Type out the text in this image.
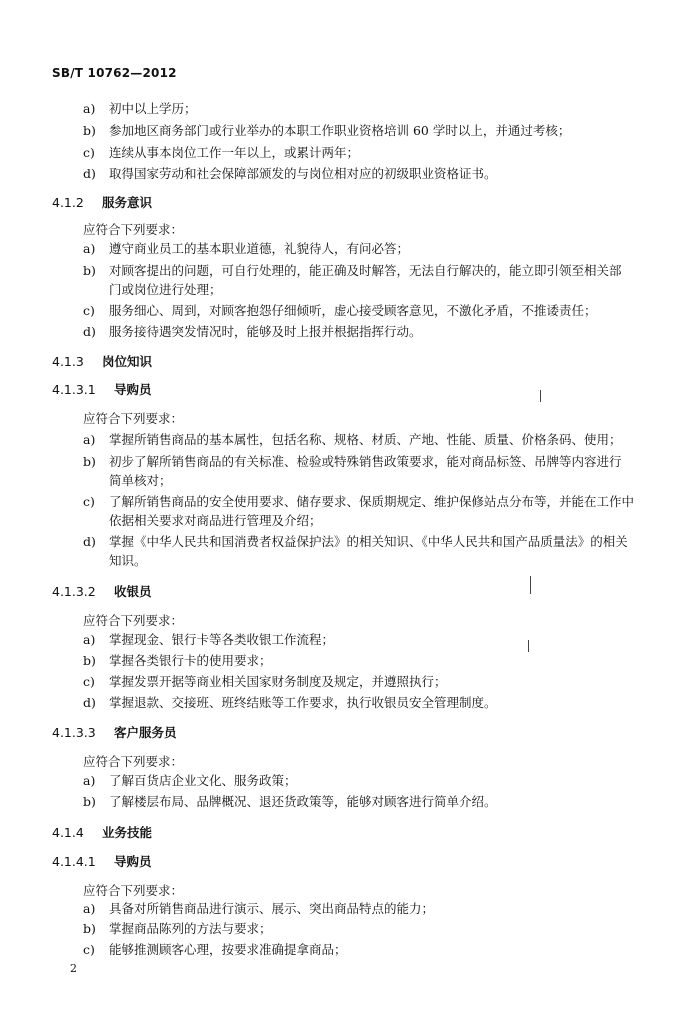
SB/T 10762—2012
a)	初中以上学历；
b)	参加地区商务部门或行业举办的本职工作职业资格培训 60 学时以上，并通过考核；
c)	连续从事本岗位工作一年以上，或累计两年；
d)	取得国家劳动和社会保障部颁发的与岗位相对应的初级职业资格证书。
4.1.2 服务意识
应符合下列要求：
a)	遵守商业员工的基本职业道德，礼貌待人，有问必答；
b)	对顾客提出的问题，可自行处理的，能正确及时解答，无法自行解决的，能立即引领至相关部
门或岗位进行处理；
c)	服务细心、周到，对顾客抱怨仔细倾听，虚心接受顾客意见，不激化矛盾，不推诿责任；
d)	服务接待遇突发情况时，能够及时上报并根据指挥行动。
4.1.3 岗位知识
4.1.3.1 导购员
应符合下列要求：
a)	掌握所销售商品的基本属性，包括名称、规格、材质、产地、性能、质量、价格条码、使用；
b)	初步了解所销售商品的有关标准、检验或特殊销售政策要求，能对商品标签、吊牌等内容进行
简单核对；
c)	了解所销售商品的安全使用要求、储存要求、保质期规定、维护保修站点分布等，并能在工作中
依据相关要求对商品进行管理及介绍；
d)	掌握《中华人民共和国消费者权益保护法》的相关知识、《中华人民共和国产品质量法》的相关
知识。
4.1.3.2 收银员
应符合下列要求：
a)	掌握现金、银行卡等各类收银工作流程；
b)	掌握各类银行卡的使用要求；
c)	掌握发票开据等商业相关国家财务制度及规定，并遵照执行；
d)	掌握退款、交接班、班终结账等工作要求，执行收银员安全管理制度。
4.1.3.3 客户服务员
应符合下列要求：
a)	了解百货店企业文化、服务政策；
b)	了解楼层布局、品牌概况、退还货政策等，能够对顾客进行简单介绍。
4.1.4 业务技能
4.1.4.1 导购员
应符合下列要求：
a)	具备对所销售商品进行演示、展示、突出商品特点的能力；
b)	掌握商品陈列的方法与要求；
c)	能够推测顾客心理，按要求准确提拿商品；
2
